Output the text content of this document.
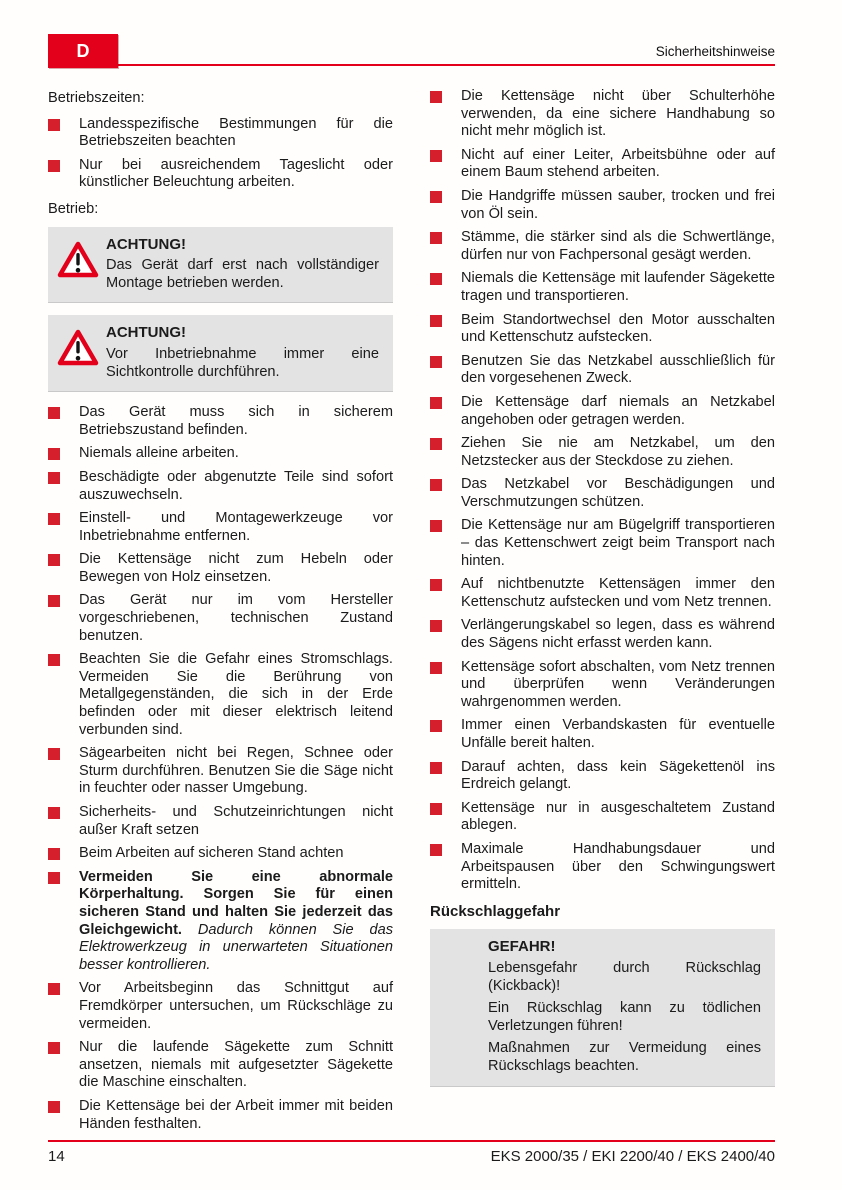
D	Sicherheitshinweise
Betriebszeiten:
Landesspezifische Bestimmungen für die Betriebszeiten beachten
Nur bei ausreichendem Tageslicht oder künstlicher Beleuchtung arbeiten.
Betrieb:
ACHTUNG!
Das Gerät darf erst nach vollständiger Montage betrieben werden.
ACHTUNG!
Vor Inbetriebnahme immer eine Sichtkontrolle durchführen.
Das Gerät muss sich in sicherem Betriebszustand befinden.
Niemals alleine arbeiten.
Beschädigte oder abgenutzte Teile sind sofort auszuwechseln.
Einstell- und Montagewerkzeuge vor Inbetriebnahme entfernen.
Die Kettensäge nicht zum Hebeln oder Bewegen von Holz einsetzen.
Das Gerät nur im vom Hersteller vorgeschriebenen, technischen Zustand benutzen.
Beachten Sie die Gefahr eines Stromschlags. Vermeiden Sie die Berührung von Metallgegenständen, die sich in der Erde befinden oder mit dieser elektrisch leitend verbunden sind.
Sägearbeiten nicht bei Regen, Schnee oder Sturm durchführen. Benutzen Sie die Säge nicht in feuchter oder nasser Umgebung.
Sicherheits- und Schutzeinrichtungen nicht außer Kraft setzen
Beim Arbeiten auf sicheren Stand achten
Vermeiden Sie eine abnormale Körperhaltung. Sorgen Sie für einen sicheren Stand und halten Sie jederzeit das Gleichgewicht. Dadurch können Sie das Elektrowerkzeug in unerwarteten Situationen besser kontrollieren.
Vor Arbeitsbeginn das Schnittgut auf Fremdkörper untersuchen, um Rückschläge zu vermeiden.
Nur die laufende Sägekette zum Schnitt ansetzen, niemals mit aufgesetzter Sägekette die Maschine einschalten.
Die Kettensäge bei der Arbeit immer mit beiden Händen festhalten.
Die Kettensäge nicht über Schulterhöhe verwenden, da eine sichere Handhabung so nicht mehr möglich ist.
Nicht auf einer Leiter, Arbeitsbühne oder auf einem Baum stehend arbeiten.
Die Handgriffe müssen sauber, trocken und frei von Öl sein.
Stämme, die stärker sind als die Schwertlänge, dürfen nur von Fachpersonal gesägt werden.
Niemals die Kettensäge mit laufender Sägekette tragen und transportieren.
Beim Standortwechsel den Motor ausschalten und Kettenschutz aufstecken.
Benutzen Sie das Netzkabel ausschließlich für den vorgesehenen Zweck.
Die Kettensäge darf niemals an Netzkabel angehoben oder getragen werden.
Ziehen Sie nie am Netzkabel, um den Netzstecker aus der Steckdose zu ziehen.
Das Netzkabel vor Beschädigungen und Verschmutzungen schützen.
Die Kettensäge nur am Bügelgriff transportieren – das Kettenschwert zeigt beim Transport nach hinten.
Auf nichtbenutzte Kettensägen immer den Kettenschutz aufstecken und vom Netz trennen.
Verlängerungskabel so legen, dass es während des Sägens nicht erfasst werden kann.
Kettensäge sofort abschalten, vom Netz trennen und überprüfen wenn Veränderungen wahrgenommen werden.
Immer einen Verbandskasten für eventuelle Unfälle bereit halten.
Darauf achten, dass kein Sägekettenöl ins Erdreich gelangt.
Kettensäge nur in ausgeschaltetem Zustand ablegen.
Maximale Handhabungsdauer und Arbeitspausen über den Schwingungswert ermitteln.
Rückschlaggefahr
GEFAHR!
Lebensgefahr durch Rückschlag (Kickback)!
Ein Rückschlag kann zu tödlichen Verletzungen führen!
Maßnahmen zur Vermeidung eines Rückschlags beachten.
14	EKS 2000/35 / EKI 2200/40 / EKS 2400/40
